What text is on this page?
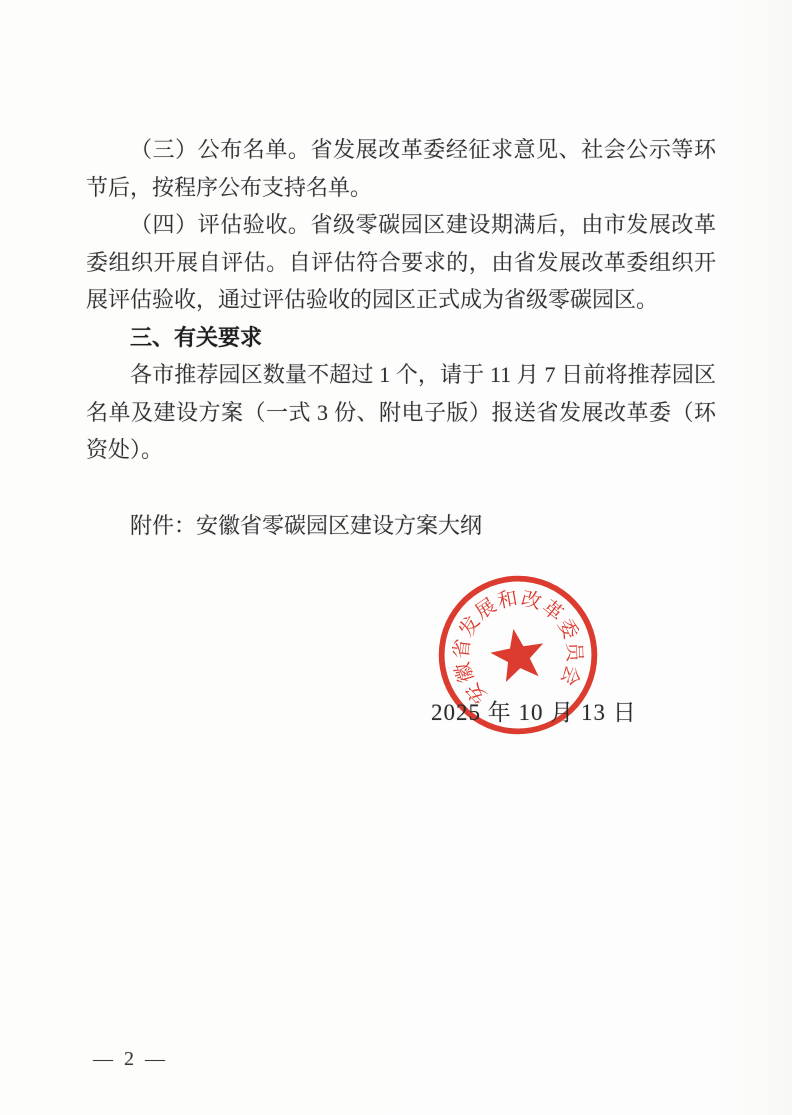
（三）公布名单。省发展改革委经征求意见、社会公示等环节后，按程序公布支持名单。

（四）评估验收。省级零碳园区建设期满后，由市发展改革委组织开展自评估。自评估符合要求的，由省发展改革委组织开展评估验收，通过评估验收的园区正式成为省级零碳园区。

三、有关要求

各市推荐园区数量不超过 1 个，请于 11 月 7 日前将推荐园区名单及建设方案（一式 3 份、附电子版）报送省发展改革委（环资处）。

附件：安徽省零碳园区建设方案大纲

安徽省发展和改革委员会
2025 年 10 月 13 日
— 2 —
